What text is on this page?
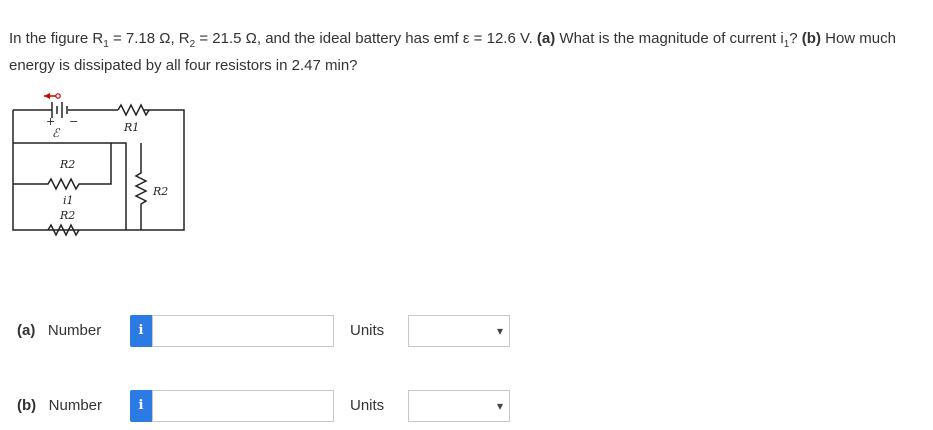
In the figure $R_1 = 7.18$ Ω, $R_2 = 21.5$ Ω, and the ideal battery has emf ε = 12.6 V. (a) What is the magnitude of current $i_1$? (b) How much energy is dissipated by all four resistors in 2.47 min?
+ −
ℰ	R1
R2
R2
i1
R2
(a) Number	i	Units	▾
(b) Number	i	Units	▾
